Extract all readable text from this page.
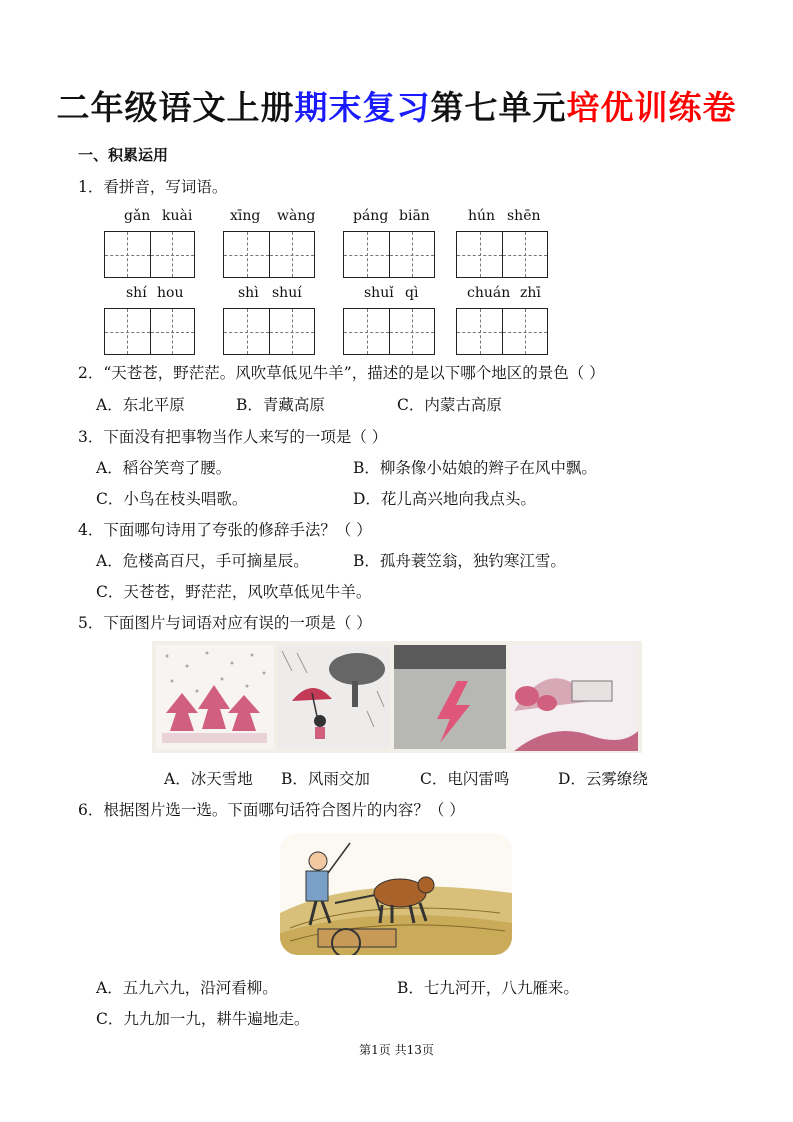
二年级语文上册期末复习第七单元培优训练卷
一、积累运用
1．看拼音，写词语。
gǎn kuài	xīng wàng	páng biān	hún shēn
shí hou	shì shuí	shuǐ qì	chuán zhī
2．“天苍苍，野茫茫。风吹草低见牛羊”，描述的是以下哪个地区的景色（ ）
A．东北平原	B．青藏高原	C．内蒙古高原
3．下面没有把事物当作人来写的一项是（ ）
A．稻谷笑弯了腰。	B．柳条像小姑娘的辫子在风中飘。
C．小鸟在枝头唱歌。	D．花儿高兴地向我点头。
4．下面哪句诗用了夸张的修辞手法？（ ）
A．危楼高百尺，手可摘星辰。	B．孤舟蓑笠翁，独钓寒江雪。
C．天苍苍，野茫茫，风吹草低见牛羊。
5．下面图片与词语对应有误的一项是（ ）
A．冰天雪地 B．风雨交加	C．电闪雷鸣	D．云雾缭绕
6．根据图片选一选。下面哪句话符合图片的内容？（ ）
A．五九六九，沿河看柳。	B．七九河开，八九雁来。
C．九九加一九，耕牛遍地走。
第1页 共13页
